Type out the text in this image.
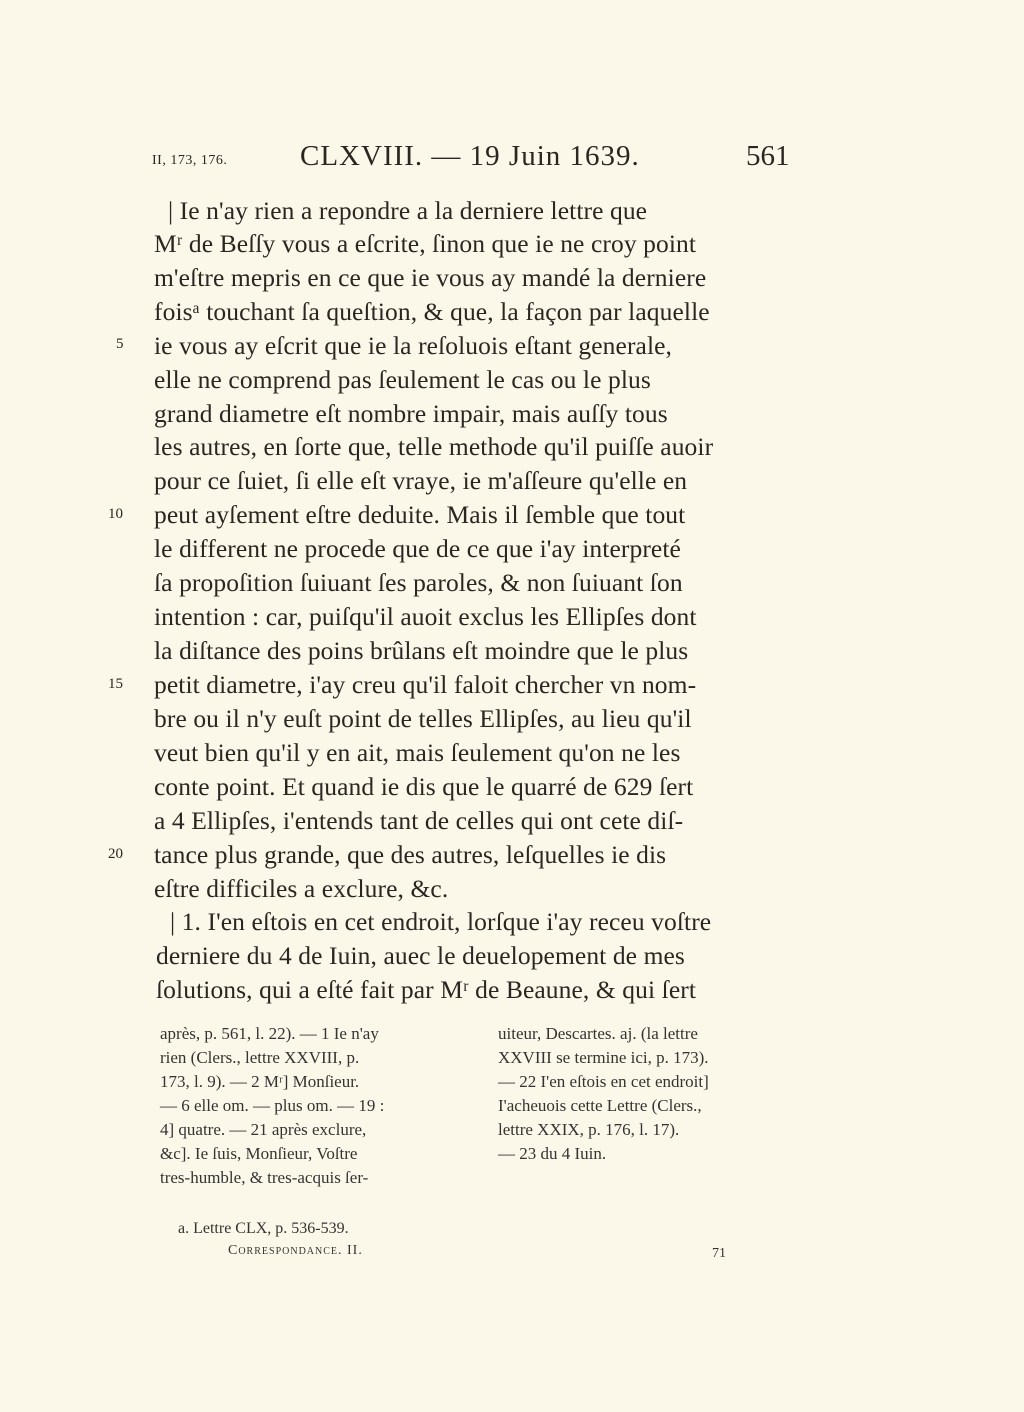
II, 173, 176.	CLXVIII. — 19 Juin 1639.	561
| Ie n'ay rien a repondre a la derniere lettre que
Mʳ de Beſſy vous a eſcrite, ſinon que ie ne croy point
m'eſtre mepris en ce que ie vous ay mandé la derniere
foisᵃ touchant ſa queſtion, & que, la façon par laquelle
ie vous ay eſcrit que ie la reſoluois eſtant generale,
elle ne comprend pas ſeulement le cas ou le plus
grand diametre eſt nombre impair, mais auſſy tous
les autres, en ſorte que, telle methode qu'il puiſſe auoir
pour ce ſuiet, ſi elle eſt vraye, ie m'aſſeure qu'elle en
peut ayſement eſtre deduite. Mais il ſemble que tout
le different ne procede que de ce que i'ay interpreté
ſa propoſition ſuiuant ſes paroles, & non ſuiuant ſon
intention : car, puiſqu'il auoit exclus les Ellipſes dont
la diſtance des poins brûlans eſt moindre que le plus
petit diametre, i'ay creu qu'il faloit chercher vn nom-
bre ou il n'y euſt point de telles Ellipſes, au lieu qu'il
veut bien qu'il y en ait, mais ſeulement qu'on ne les
conte point. Et quand ie dis que le quarré de 629 ſert
a 4 Ellipſes, i'entends tant de celles qui ont cete diſ-
tance plus grande, que des autres, leſquelles ie dis
eſtre difficiles a exclure, &c.
| 1. I'en eſtois en cet endroit, lorſque i'ay receu voſtre
derniere du 4 de Iuin, auec le deuelopement de mes
ſolutions, qui a eſté fait par Mʳ de Beaune, & qui ſert
5
10
15
20
après, p. 561, l. 22). — 1 Ie n'ay
rien (Clers., lettre XXVIII, p.
173, l. 9). — 2 Mʳ] Monſieur.
— 6 elle om. — plus om. — 19 :
4] quatre. — 21 après exclure,
&c]. Ie ſuis, Monſieur, Voſtre
tres-humble, & tres-acquis ſer-
uiteur, Descartes. aj. (la lettre
XXVIII se termine ici, p. 173).
— 22 I'en eſtois en cet endroit]
I'acheuois cette Lettre (Clers.,
lettre XXIX, p. 176, l. 17).
— 23 du 4 Iuin.
a. Lettre CLX, p. 536-539.
Correspondance. II.	71
